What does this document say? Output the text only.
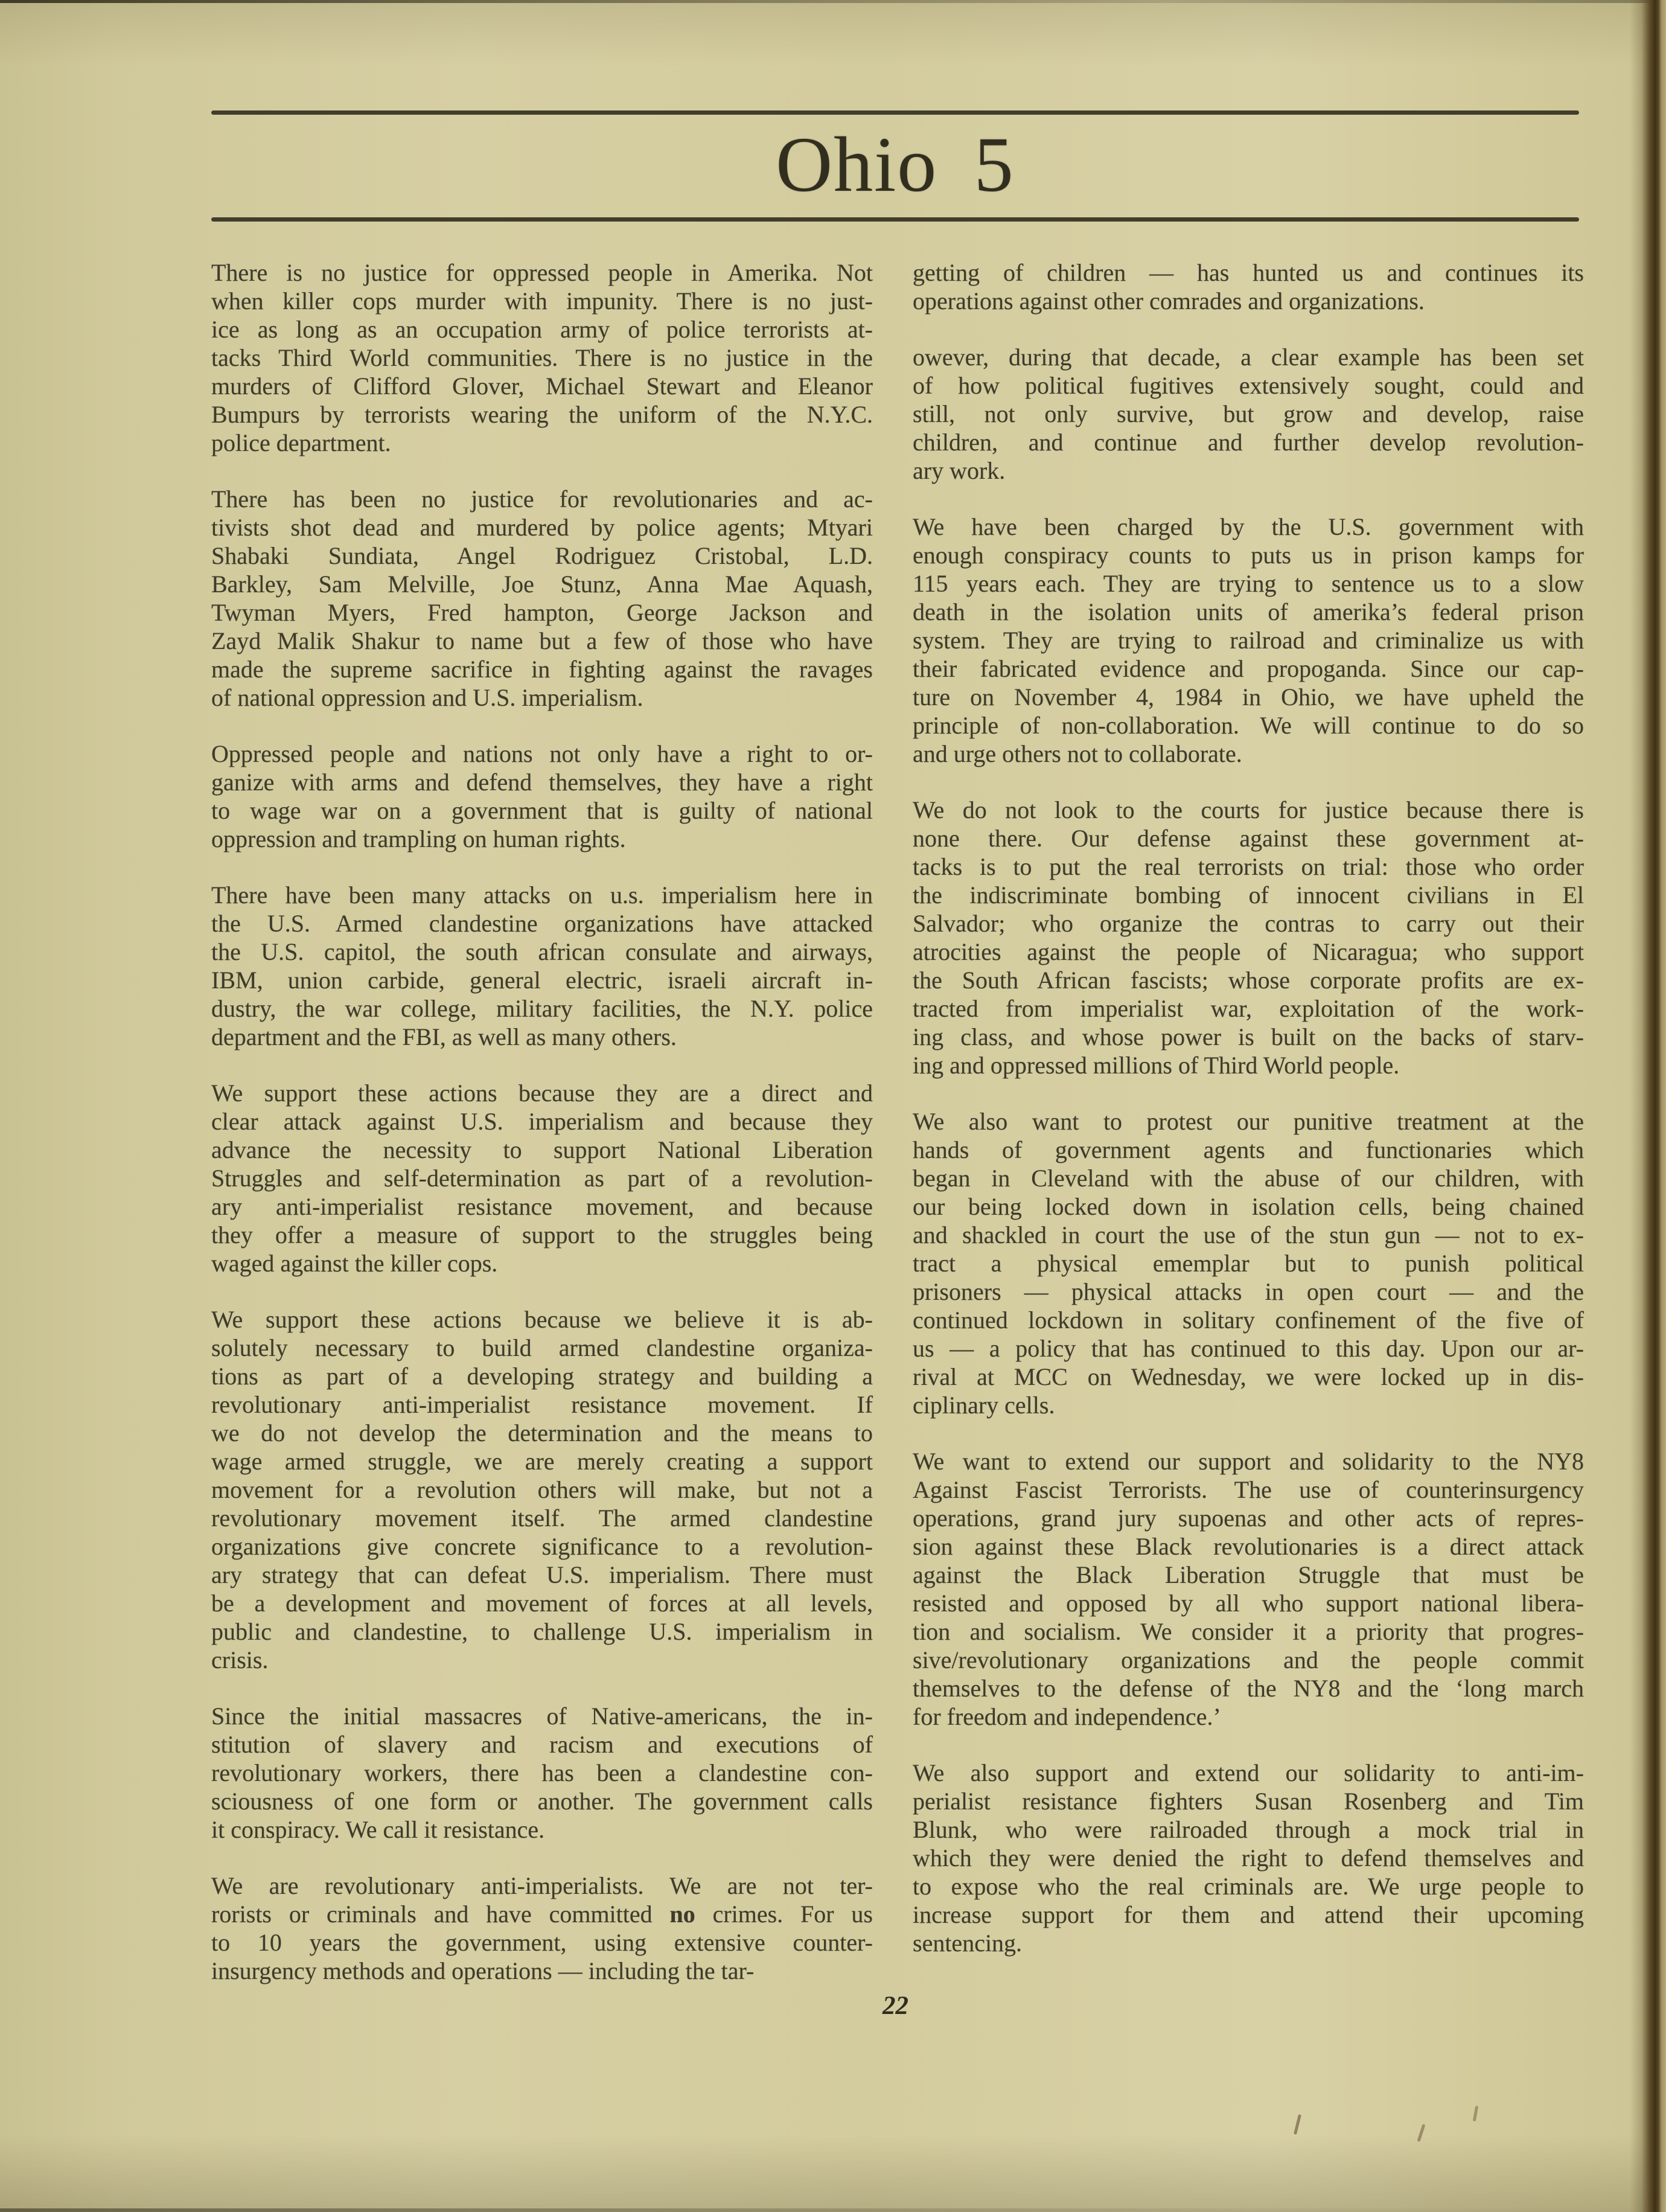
Ohio 5
There is no justice for oppressed people in Amerika. Not
when killer cops murder with impunity. There is no just-
ice as long as an occupation army of police terrorists at-
tacks Third World communities. There is no justice in the
murders of Clifford Glover, Michael Stewart and Eleanor
Bumpurs by terrorists wearing the uniform of the N.Y.C.
police department.
There has been no justice for revolutionaries and ac-
tivists shot dead and murdered by police agents; Mtyari
Shabaki Sundiata, Angel Rodriguez Cristobal, L.D.
Barkley, Sam Melville, Joe Stunz, Anna Mae Aquash,
Twyman Myers, Fred hampton, George Jackson and
Zayd Malik Shakur to name but a few of those who have
made the supreme sacrifice in fighting against the ravages
of national oppression and U.S. imperialism.
Oppressed people and nations not only have a right to or-
ganize with arms and defend themselves, they have a right
to wage war on a government that is guilty of national
oppression and trampling on human rights.
There have been many attacks on u.s. imperialism here in
the U.S. Armed clandestine organizations have attacked
the U.S. capitol, the south african consulate and airways,
IBM, union carbide, general electric, israeli aircraft in-
dustry, the war college, military facilities, the N.Y. police
department and the FBI, as well as many others.
We support these actions because they are a direct and
clear attack against U.S. imperialism and because they
advance the necessity to support National Liberation
Struggles and self-determination as part of a revolution-
ary anti-imperialist resistance movement, and because
they offer a measure of support to the struggles being
waged against the killer cops.
We support these actions because we believe it is ab-
solutely necessary to build armed clandestine organiza-
tions as part of a developing strategy and building a
revolutionary anti-imperialist resistance movement. If
we do not develop the determination and the means to
wage armed struggle, we are merely creating a support
movement for a revolution others will make, but not a
revolutionary movement itself. The armed clandestine
organizations give concrete significance to a revolution-
ary strategy that can defeat U.S. imperialism. There must
be a development and movement of forces at all levels,
public and clandestine, to challenge U.S. imperialism in
crisis.
Since the initial massacres of Native-americans, the in-
stitution of slavery and racism and executions of
revolutionary workers, there has been a clandestine con-
sciousness of one form or another. The government calls
it conspiracy. We call it resistance.
We are revolutionary anti-imperialists. We are not ter-
rorists or criminals and have committed no crimes. For us
to 10 years the government, using extensive counter-
insurgency methods and operations — including the tar-
getting of children — has hunted us and continues its
operations against other comrades and organizations.
owever, during that decade, a clear example has been set
of how political fugitives extensively sought, could and
still, not only survive, but grow and develop, raise
children, and continue and further develop revolution-
ary work.
We have been charged by the U.S. government with
enough conspiracy counts to puts us in prison kamps for
115 years each. They are trying to sentence us to a slow
death in the isolation units of amerika’s federal prison
system. They are trying to railroad and criminalize us with
their fabricated evidence and propoganda. Since our cap-
ture on November 4, 1984 in Ohio, we have upheld the
principle of non-collaboration. We will continue to do so
and urge others not to collaborate.
We do not look to the courts for justice because there is
none there. Our defense against these government at-
tacks is to put the real terrorists on trial: those who order
the indiscriminate bombing of innocent civilians in El
Salvador; who organize the contras to carry out their
atrocities against the people of Nicaragua; who support
the South African fascists; whose corporate profits are ex-
tracted from imperialist war, exploitation of the work-
ing class, and whose power is built on the backs of starv-
ing and oppressed millions of Third World people.
We also want to protest our punitive treatment at the
hands of government agents and functionaries which
began in Cleveland with the abuse of our children, with
our being locked down in isolation cells, being chained
and shackled in court the use of the stun gun — not to ex-
tract a physical ememplar but to punish political
prisoners — physical attacks in open court — and the
continued lockdown in solitary confinement of the five of
us — a policy that has continued to this day. Upon our ar-
rival at MCC on Wednesday, we were locked up in dis-
ciplinary cells.
We want to extend our support and solidarity to the NY8
Against Fascist Terrorists. The use of counterinsurgency
operations, grand jury supoenas and other acts of repres-
sion against these Black revolutionaries is a direct attack
against the Black Liberation Struggle that must be
resisted and opposed by all who support national libera-
tion and socialism. We consider it a priority that progres-
sive/revolutionary organizations and the people commit
themselves to the defense of the NY8 and the ‘long march
for freedom and independence.’
We also support and extend our solidarity to anti-im-
perialist resistance fighters Susan Rosenberg and Tim
Blunk, who were railroaded through a mock trial in
which they were denied the right to defend themselves and
to expose who the real criminals are. We urge people to
increase support for them and attend their upcoming
sentencing.
22
